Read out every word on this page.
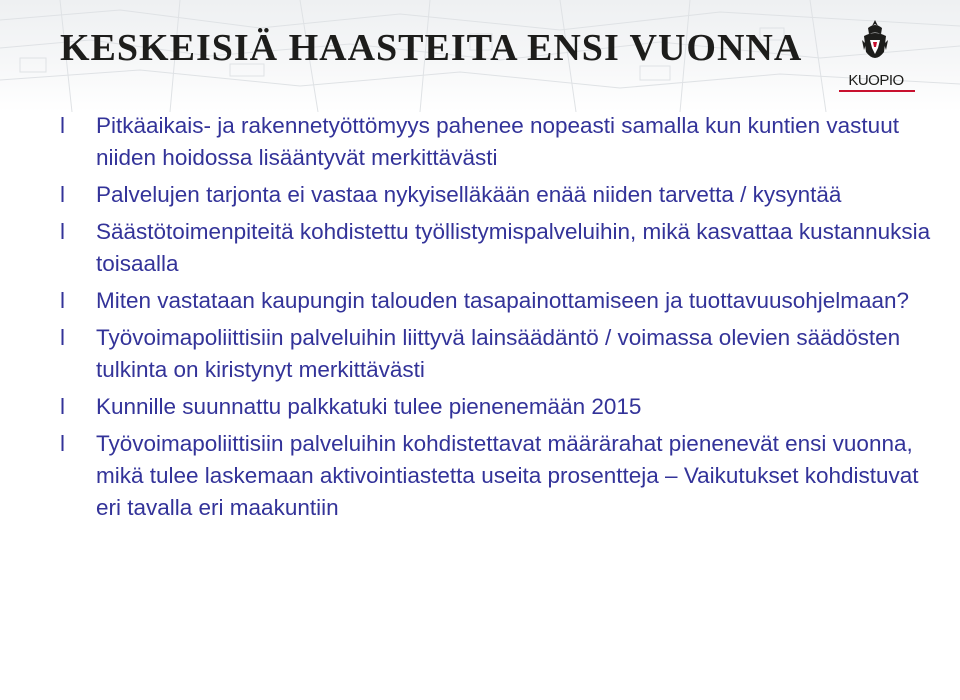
KESKEISIÄ HAASTEITA ENSI VUONNA
KUOPIO
l Pitkäaikais- ja rakennetyöttömyys pahenee nopeasti samalla kun kuntien vastuut niiden hoidossa lisääntyvät merkittävästi
l Palvelujen tarjonta ei vastaa nykyiselläkään enää niiden tarvetta / kysyntää
l Säästötoimenpiteitä kohdistettu työllistymispalveluihin, mikä kasvattaa kustannuksia toisaalla
l Miten vastataan kaupungin talouden tasapainottamiseen ja tuottavuusohjelmaan?
l Työvoimapoliittisiin palveluihin liittyvä lainsäädäntö / voimassa olevien säädösten tulkinta on kiristynyt merkittävästi
l Kunnille suunnattu palkkatuki tulee pienenemään 2015
l Työvoimapoliittisiin palveluihin kohdistettavat määrärahat pienenevät ensi vuonna, mikä tulee laskemaan aktivointiastetta useita prosentteja – Vaikutukset kohdistuvat eri tavalla eri maakuntiin
